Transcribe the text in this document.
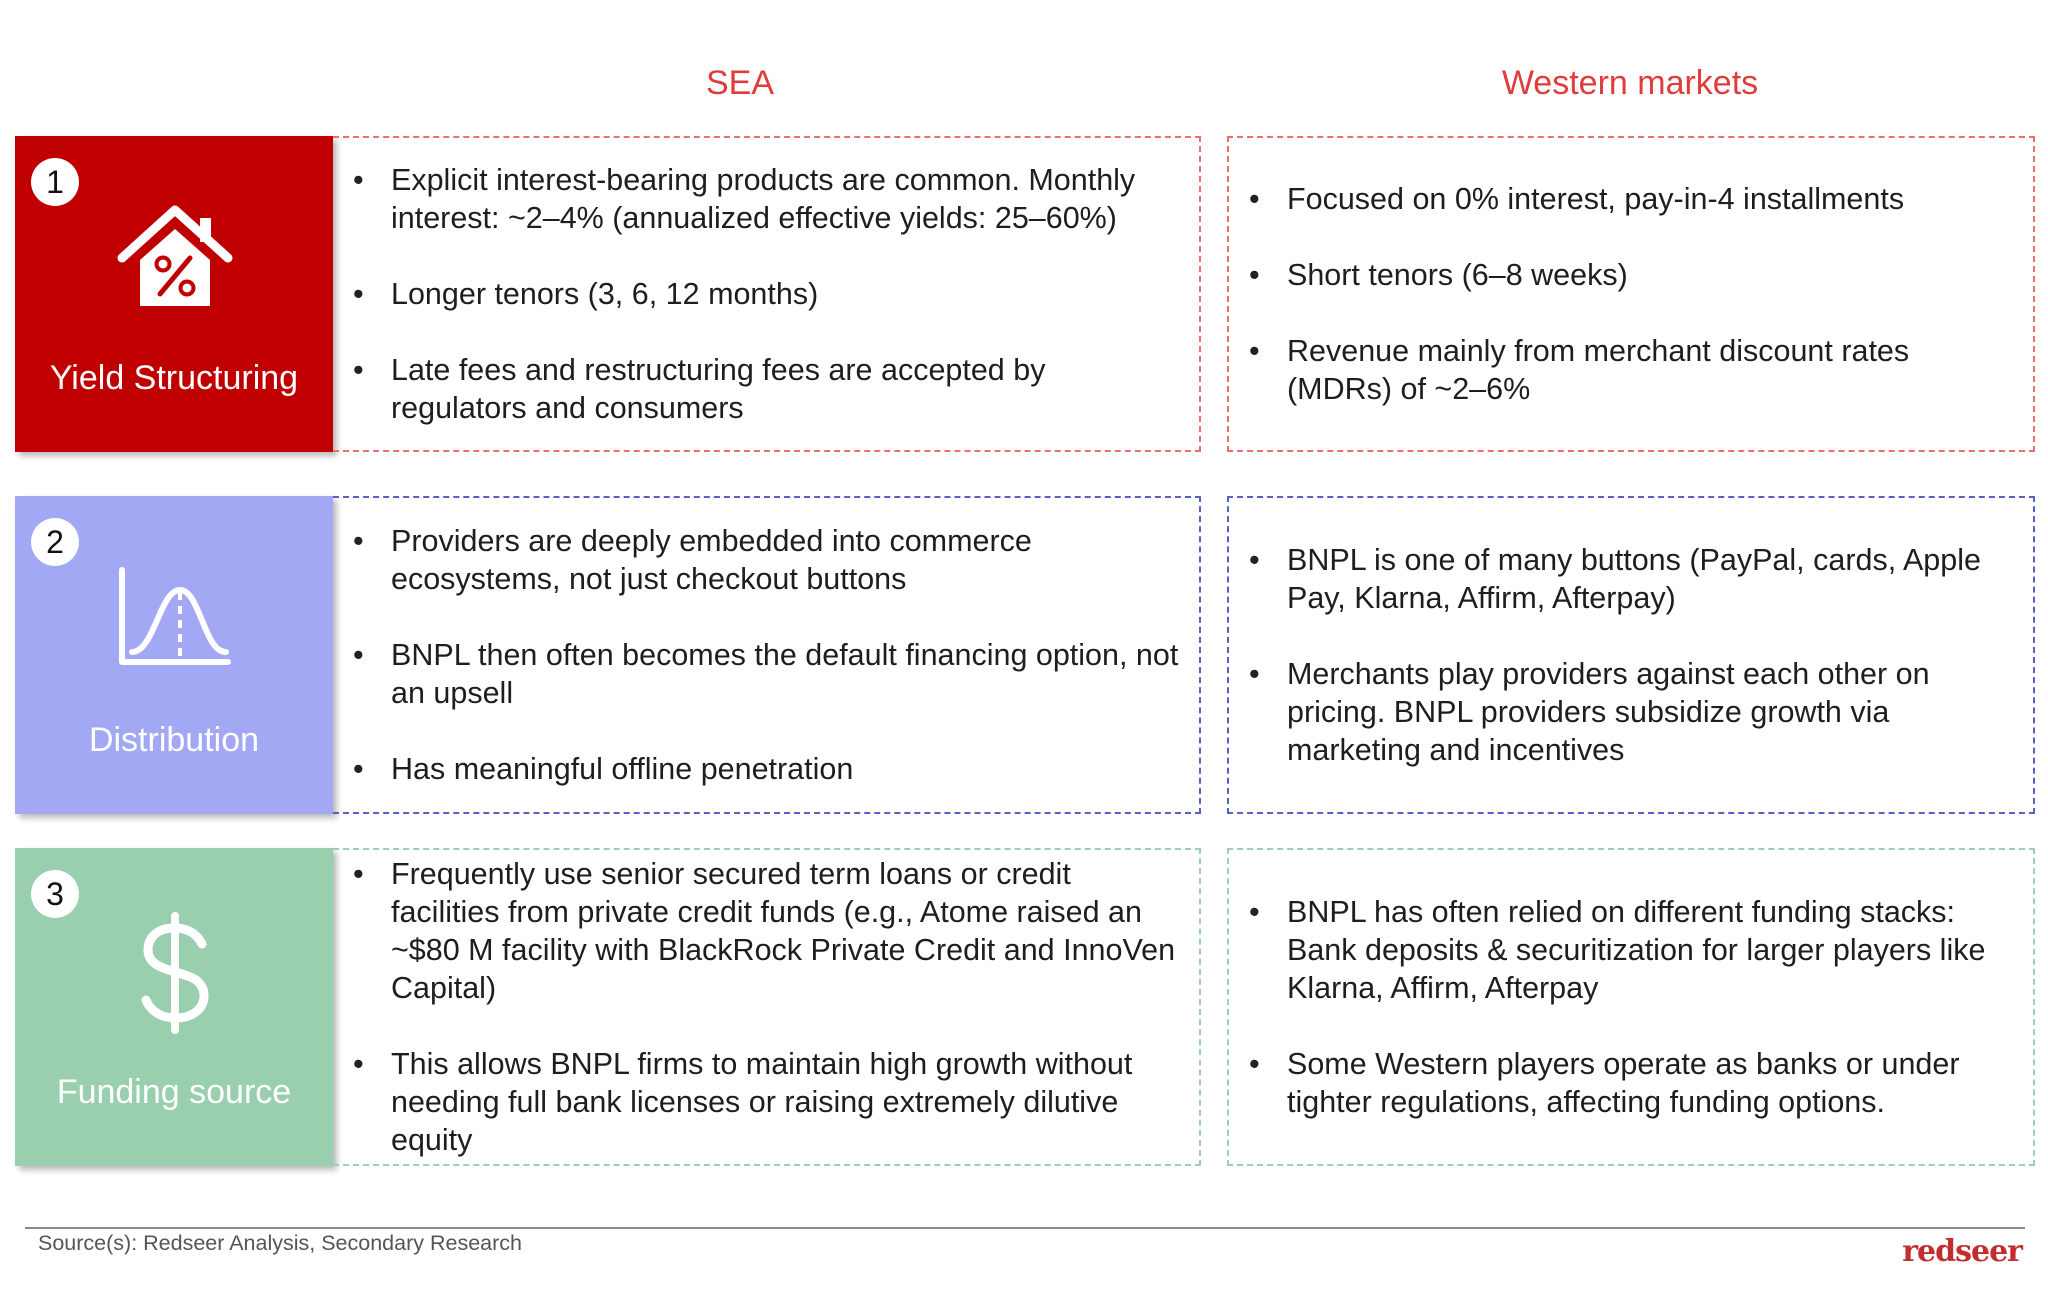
SEA	Western markets
1
Yield Structuring
• Explicit interest-bearing products are common. Monthly interest: ~2–4% (annualized effective yields: 25–60%)
• Longer tenors (3, 6, 12 months)
• Late fees and restructuring fees are accepted by regulators and consumers
• Focused on 0% interest, pay-in-4 installments
• Short tenors (6–8 weeks)
• Revenue mainly from merchant discount rates (MDRs) of ~2–6%
2
Distribution
• Providers are deeply embedded into commerce ecosystems, not just checkout buttons
• BNPL then often becomes the default financing option, not an upsell
• Has meaningful offline penetration
• BNPL is one of many buttons (PayPal, cards, Apple Pay, Klarna, Affirm, Afterpay)
• Merchants play providers against each other on pricing. BNPL providers subsidize growth via marketing and incentives
3
Funding source
• Frequently use senior secured term loans or credit facilities from private credit funds (e.g., Atome raised an ~$80 M facility with BlackRock Private Credit and InnoVen Capital)
• This allows BNPL firms to maintain high growth without needing full bank licenses or raising extremely dilutive equity
• BNPL has often relied on different funding stacks: Bank deposits & securitization for larger players like Klarna, Affirm, Afterpay
• Some Western players operate as banks or under tighter regulations, affecting funding options.
Source(s): Redseer Analysis, Secondary Research	redseer
